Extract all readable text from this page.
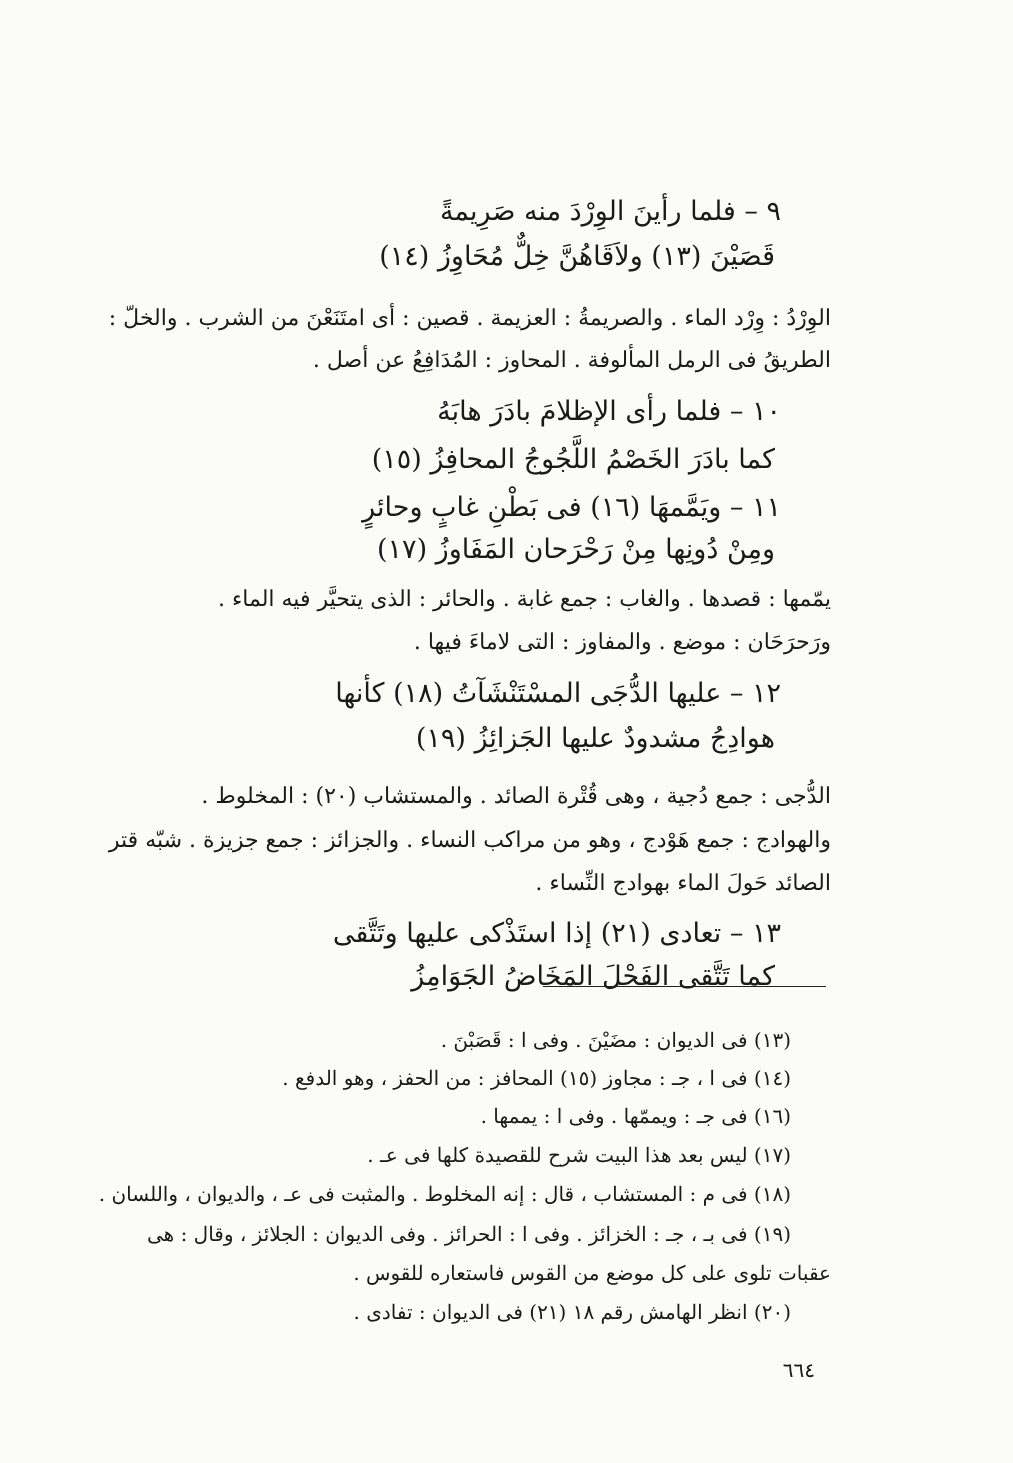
٩ – فلما رأينَ الوِرْدَ منه صَرِيمةً
قَصَيْنَ (١٣) ولاَقَاهُنَّ خِلٌّ مُحَاوِزُ (١٤)
الوِرْدُ : وِرْد الماء . والصريمةُ : العزيمة . قصين : أى امتَنَعْنَ من الشرب . والخلّ :
الطريقُ فى الرمل المألوفة . المحاوز : المُدَافِعُ عن أصل .
١٠ – فلما رأى الإظلامَ بادَرَ هابَهُ
كما بادَرَ الخَصْمُ اللَّجُوجُ المحافِزُ (١٥)
١١ – ويَمَّمهَا (١٦) فى بَطْنِ غابٍ وحائرٍ
ومِنْ دُونِها مِنْ رَحْرَحان المَفَاوزُ (١٧)
يمّمها : قصدها . والغاب : جمع غابة . والحائر : الذى يتحيَّر فيه الماء .
ورَحرَحَان : موضع . والمفاوز : التى لاماءَ فيها .
١٢ – عليها الدُّجَى المسْتَنْشَآتُ (١٨) كأنها
هوادِجُ مشدودٌ عليها الجَزائِزُ (١٩)
الدُّجى : جمع دُجية ، وهى قُتْرة الصائد . والمستشاب (٢٠) : المخلوط .
والهوادج : جمع هَوْدج ، وهو من مراكب النساء . والجزائز : جمع جزيزة . شبّه قتر
الصائد حَولَ الماء بهوادج النِّساء .
١٣ – تعادى (٢١) إذا استَذْكى عليها وتَتَّقى
كما تَتَّقى الفَحْلَ المَخَاضُ الجَوَامِزُ
(١٣) فى الديوان : مضَيْنَ . وفى ا : قَصَبْنَ .
(١٤) فى ا ، جـ : مجاوز (١٥) المحافز : من الحفز ، وهو الدفع .
(١٦) فى جـ : ويممّها . وفى ا : يممها .
(١٧) ليس بعد هذا البيت شرح للقصيدة كلها فى عـ .
(١٨) فى م : المستشاب ، قال : إنه المخلوط . والمثبت فى عـ ، والديوان ، واللسان .
(١٩) فى بـ ، جـ : الخزائز . وفى ا : الحرائز . وفى الديوان : الجلائز ، وقال : هى
عقبات تلوى على كل موضع من القوس فاستعاره للقوس .
(٢٠) انظر الهامش رقم ١٨ (٢١) فى الديوان : تفادى .
٦٦٤
